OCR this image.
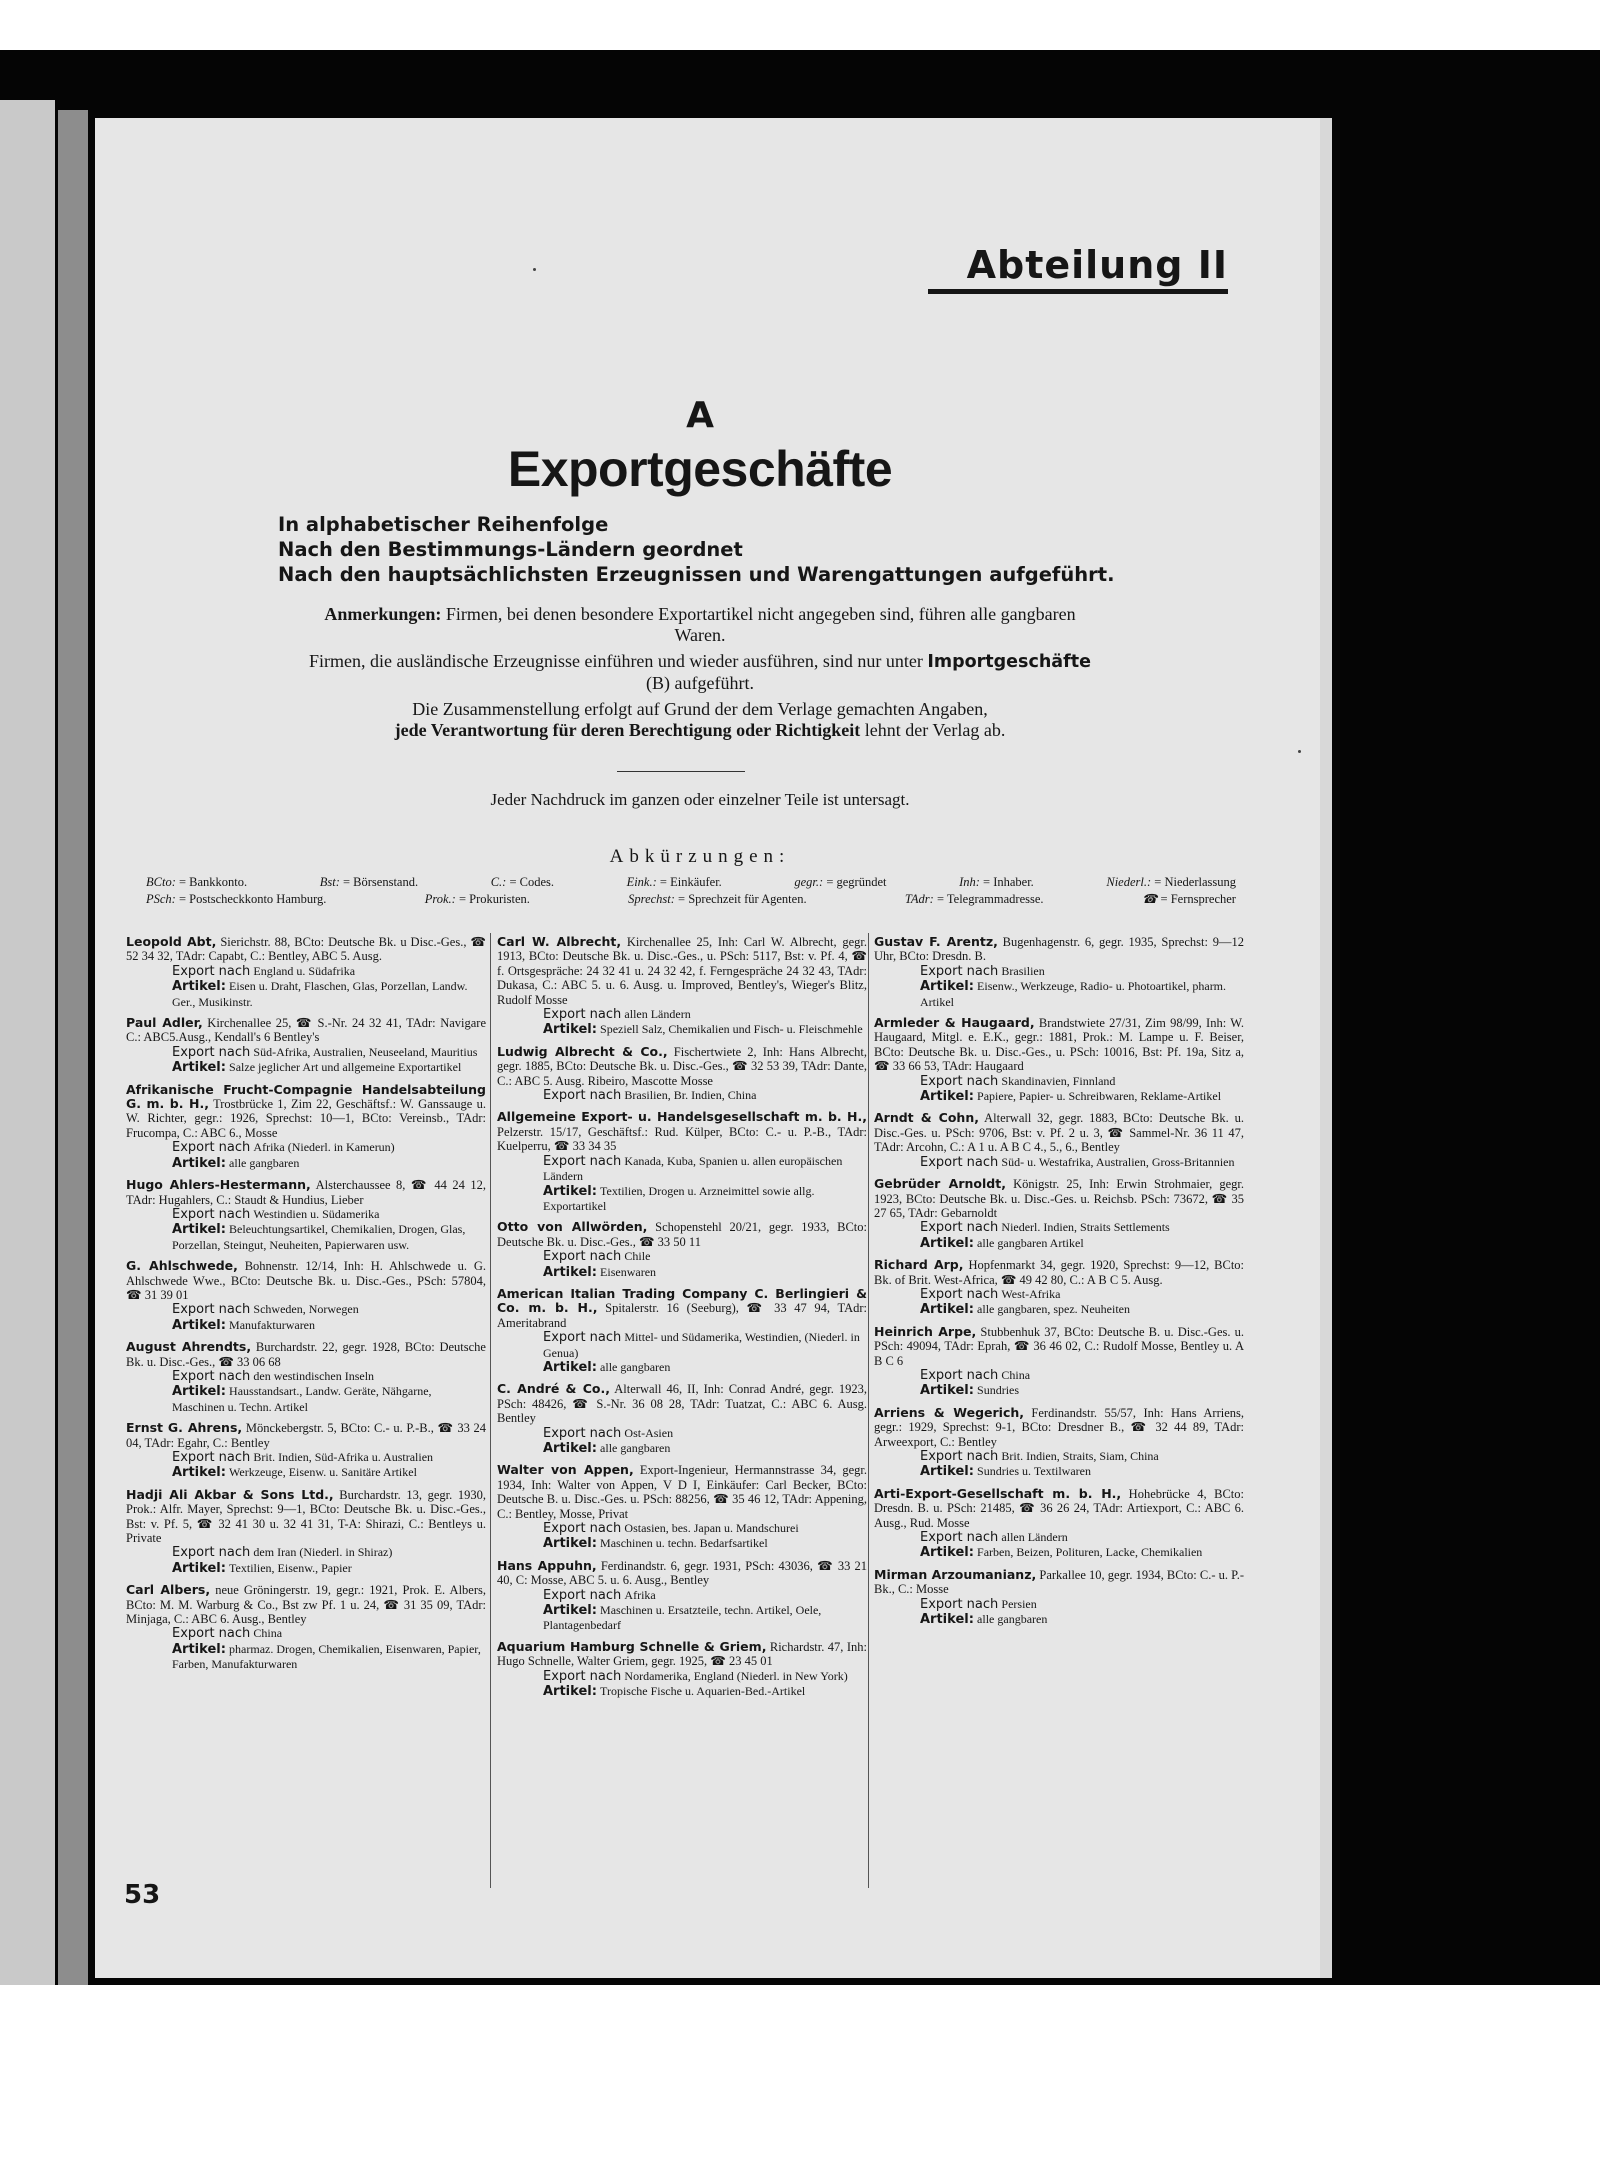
Abteilung II
A
Exportgeschäfte
In alphabetischer Reihenfolge
Nach den Bestimmungs-Ländern geordnet
Nach den hauptsächlichsten Erzeugnissen und Warengattungen aufgeführt.

Anmerkungen: Firmen, bei denen besondere Exportartikel nicht angegeben sind, führen alle gangbaren Waren.

Firmen, die ausländische Erzeugnisse einführen und wieder ausführen, sind nur unter Importgeschäfte (B) aufgeführt.

Die Zusammenstellung erfolgt auf Grund der dem Verlage gemachten Angaben,
jede Verantwortung für deren Berechtigung oder Richtigkeit lehnt der Verlag ab.

Jeder Nachdruck im ganzen oder einzelner Teile ist untersagt.
Abkürzungen:
BCto: = Bankkonto.	Bst: = Börsenstand.	C.: = Codes.	Eink.: = Einkäufer.	gegr.: = gegründet	Inh: = Inhaber.	Niederl.: = Niederlassung
PSch: = Postscheckkonto Hamburg.	Prok.: = Prokuristen.	Sprechst: = Sprechzeit für Agenten.	TAdr: = Telegrammadresse.	☎ = Fernsprecher
Leopold Abt, Sierichstr. 88, BCto: Deutsche Bk. u Disc.-Ges., ☎ 52 34 32, TAdr: Capabt, C.: Bentley, ABC 5. Ausg.
Export nach England u. Südafrika
Artikel: Eisen u. Draht, Flaschen, Glas, Porzellan, Landw. Ger., Musikinstr.
Paul Adler, Kirchenallee 25, ☎ S.-Nr. 24 32 41, TAdr: Navigare C.: ABC5.Ausg., Kendall's 6 Bentley's
Export nach Süd-Afrika, Australien, Neuseeland, Mauritius
Artikel: Salze jeglicher Art und allgemeine Exportartikel
Afrikanische Frucht-Compagnie Handelsabteilung G. m. b. H., Trostbrücke 1, Zim 22, Geschäftsf.: W. Ganssauge u. W. Richter, gegr.: 1926, Sprechst: 10—1, BCto: Vereinsb., TAdr: Frucompa, C.: ABC 6., Mosse
Export nach Afrika (Niederl. in Kamerun)
Artikel: alle gangbaren
Hugo Ahlers-Hestermann, Alsterchaussee 8, ☎ 44 24 12, TAdr: Hugahlers, C.: Staudt & Hundius, Lieber
Export nach Westindien u. Südamerika
Artikel: Beleuchtungsartikel, Chemikalien, Drogen, Glas, Porzellan, Steingut, Neuheiten, Papierwaren usw.
G. Ahlschwede, Bohnenstr. 12/14, Inh: H. Ahlschwede u. G. Ahlschwede Wwe., BCto: Deutsche Bk. u. Disc.-Ges., PSch: 57804, ☎ 31 39 01
Export nach Schweden, Norwegen
Artikel: Manufakturwaren
August Ahrendts, Burchardstr. 22, gegr. 1928, BCto: Deutsche Bk. u. Disc.-Ges., ☎ 33 06 68
Export nach den westindischen Inseln
Artikel: Hausstandsart., Landw. Geräte, Nähgarne, Maschinen u. Techn. Artikel
Ernst G. Ahrens, Mönckebergstr. 5, BCto: C.- u. P.-B., ☎ 33 24 04, TAdr: Egahr, C.: Bentley
Export nach Brit. Indien, Süd-Afrika u. Australien
Artikel: Werkzeuge, Eisenw. u. Sanitäre Artikel
Hadji Ali Akbar & Sons Ltd., Burchardstr. 13, gegr. 1930, Prok.: Alfr. Mayer, Sprechst: 9—1, BCto: Deutsche Bk. u. Disc.-Ges., Bst: v. Pf. 5, ☎ 32 41 30 u. 32 41 31, T-A: Shirazi, C.: Bentleys u. Private
Export nach dem Iran (Niederl. in Shiraz)
Artikel: Textilien, Eisenw., Papier
Carl Albers, neue Gröningerstr. 19, gegr.: 1921, Prok. E. Albers, BCto: M. M. Warburg & Co., Bst zw Pf. 1 u. 24, ☎ 31 35 09, TAdr: Minjaga, C.: ABC 6. Ausg., Bentley
Export nach China
Artikel: pharmaz. Drogen, Chemikalien, Eisenwaren, Papier, Farben, Manufakturwaren
Carl W. Albrecht, Kirchenallee 25, Inh: Carl W. Albrecht, gegr. 1913, BCto: Deutsche Bk. u. Disc.-Ges., u. PSch: 5117, Bst: v. Pf. 4, ☎ f. Ortsgespräche: 24 32 41 u. 24 32 42, f. Ferngespräche 24 32 43, TAdr: Dukasa, C.: ABC 5. u. 6. Ausg. u. Improved, Bentley's, Wieger's Blitz, Rudolf Mosse
Export nach allen Ländern
Artikel: Speziell Salz, Chemikalien und Fisch- u. Fleischmehle
Ludwig Albrecht & Co., Fischertwiete 2, Inh: Hans Albrecht, gegr. 1885, BCto: Deutsche Bk. u. Disc.-Ges., ☎ 32 53 39, TAdr: Dante, C.: ABC 5. Ausg. Ribeiro, Mascotte Mosse
Export nach Brasilien, Br. Indien, China
Allgemeine Export- u. Handelsgesellschaft m. b. H., Pelzerstr. 15/17, Geschäftsf.: Rud. Külper, BCto: C.- u. P.-B., TAdr: Kuelperru, ☎ 33 34 35
Export nach Kanada, Kuba, Spanien u. allen europäischen Ländern
Artikel: Textilien, Drogen u. Arzneimittel sowie allg. Exportartikel
Otto von Allwörden, Schopenstehl 20/21, gegr. 1933, BCto: Deutsche Bk. u. Disc.-Ges., ☎ 33 50 11
Export nach Chile
Artikel: Eisenwaren
American Italian Trading Company C. Berlingieri & Co. m. b. H., Spitalerstr. 16 (Seeburg), ☎ 33 47 94, TAdr: Ameritabrand
Export nach Mittel- und Südamerika, Westindien, (Niederl. in Genua)
Artikel: alle gangbaren
C. André & Co., Alterwall 46, II, Inh: Conrad André, gegr. 1923, PSch: 48426, ☎ S.-Nr. 36 08 28, TAdr: Tuatzat, C.: ABC 6. Ausg. Bentley
Export nach Ost-Asien
Artikel: alle gangbaren
Walter von Appen, Export-Ingenieur, Hermannstrasse 34, gegr. 1934, Inh: Walter von Appen, V D I, Einkäufer: Carl Becker, BCto: Deutsche B. u. Disc.-Ges. u. PSch: 88256, ☎ 35 46 12, TAdr: Appening, C.: Bentley, Mosse, Privat
Export nach Ostasien, bes. Japan u. Mandschurei
Artikel: Maschinen u. techn. Bedarfsartikel
Hans Appuhn, Ferdinandstr. 6, gegr. 1931, PSch: 43036, ☎ 33 21 40, C: Mosse, ABC 5. u. 6. Ausg., Bentley
Export nach Afrika
Artikel: Maschinen u. Ersatzteile, techn. Artikel, Oele, Plantagenbedarf
Aquarium Hamburg Schnelle & Griem, Richardstr. 47, Inh: Hugo Schnelle, Walter Griem, gegr. 1925, ☎ 23 45 01
Export nach Nordamerika, England (Niederl. in New York)
Artikel: Tropische Fische u. Aquarien-Bed.-Artikel
Gustav F. Arentz, Bugenhagenstr. 6, gegr. 1935, Sprechst: 9—12 Uhr, BCto: Dresdn. B.
Export nach Brasilien
Artikel: Eisenw., Werkzeuge, Radio- u. Photoartikel, pharm. Artikel
Armleder & Haugaard, Brandstwiete 27/31, Zim 98/99, Inh: W. Haugaard, Mitgl. e. E.K., gegr.: 1881, Prok.: M. Lampe u. F. Beiser, BCto: Deutsche Bk. u. Disc.-Ges., u. PSch: 10016, Bst: Pf. 19a, Sitz a, ☎ 33 66 53, TAdr: Haugaard
Export nach Skandinavien, Finnland
Artikel: Papiere, Papier- u. Schreibwaren, Reklame-Artikel
Arndt & Cohn, Alterwall 32, gegr. 1883, BCto: Deutsche Bk. u. Disc.-Ges. u. PSch: 9706, Bst: v. Pf. 2 u. 3, ☎ Sammel-Nr. 36 11 47, TAdr: Arcohn, C.: A 1 u. A B C 4., 5., 6., Bentley
Export nach Süd- u. Westafrika, Australien, Gross-Britannien
Gebrüder Arnoldt, Königstr. 25, Inh: Erwin Strohmaier, gegr. 1923, BCto: Deutsche Bk. u. Disc.-Ges. u. Reichsb. PSch: 73672, ☎ 35 27 65, TAdr: Gebarnoldt
Export nach Niederl. Indien, Straits Settlements
Artikel: alle gangbaren Artikel
Richard Arp, Hopfenmarkt 34, gegr. 1920, Sprechst: 9—12, BCto: Bk. of Brit. West-Africa, ☎ 49 42 80, C.: A B C 5. Ausg.
Export nach West-Afrika
Artikel: alle gangbaren, spez. Neuheiten
Heinrich Arpe, Stubbenhuk 37, BCto: Deutsche B. u. Disc.-Ges. u. PSch: 49094, TAdr: Eprah, ☎ 36 46 02, C.: Rudolf Mosse, Bentley u. A B C 6
Export nach China
Artikel: Sundries
Arriens & Wegerich, Ferdinandstr. 55/57, Inh: Hans Arriens, gegr.: 1929, Sprechst: 9-1, BCto: Dresdner B., ☎ 32 44 89, TAdr: Arweexport, C.: Bentley
Export nach Brit. Indien, Straits, Siam, China
Artikel: Sundries u. Textilwaren
Arti-Export-Gesellschaft m. b. H., Hohebrücke 4, BCto: Dresdn. B. u. PSch: 21485, ☎ 36 26 24, TAdr: Artiexport, C.: ABC 6. Ausg., Rud. Mosse
Export nach allen Ländern
Artikel: Farben, Beizen, Polituren, Lacke, Chemikalien
Mirman Arzoumanianz, Parkallee 10, gegr. 1934, BCto: C.- u. P.-Bk., C.: Mosse
Export nach Persien
Artikel: alle gangbaren
53
